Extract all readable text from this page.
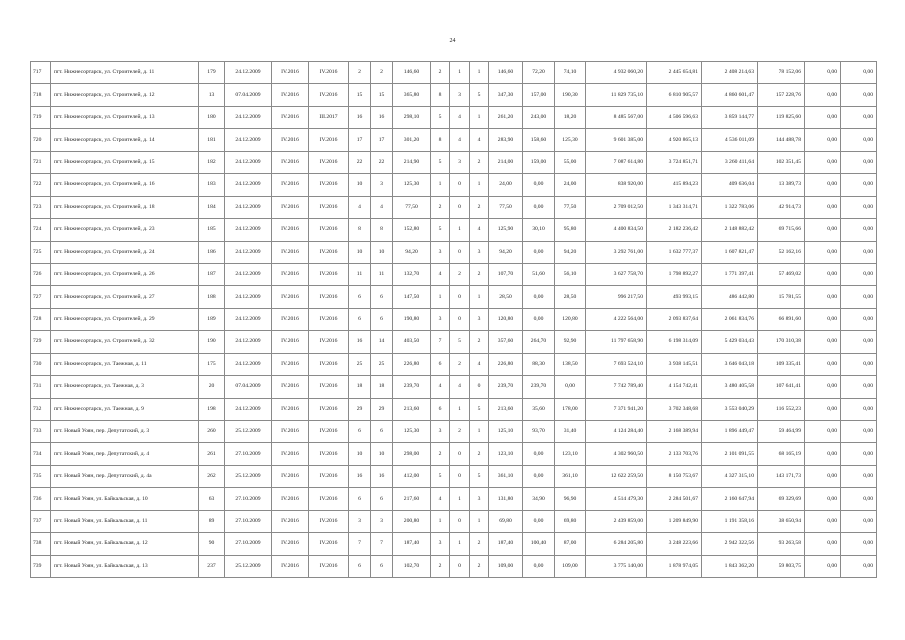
24
717	пгт. Нижнесортарск, ул. Строителей, д. 11	179	24.12.2009	IV.2016	IV.2016	2	2	146,60	2	1	1	146,60	72,20	74,10	4 932 060,20	2 445 654,81	2 408 214,63	78 152,06	0,00	0,00
718	пгт. Нижнесортарск, ул. Строителей, д. 12	13	07.04.2009	IV.2016	IV.2016	15	15	365,80	8	3	5	347,30	157,00	190,30	11 829 735,10	6 810 905,57	4 860 601,47	157 228,76	0,00	0,00
719	пгт. Нижнесортарск, ул. Строителей, д. 13	180	24.12.2009	IV.2016	III.2017	16	16	298,10	5	4	1	261,20	243,00	18,20	8 485 567,00	4 506 596,63	3 859 144,77	119 825,60	0,00	0,00
720	пгт. Нижнесортарск, ул. Строителей, д. 14	181	24.12.2009	IV.2016	IV.2016	17	17	301,20	8	4	4	283,90	158,60	125,30	9 601 385,00	4 920 865,13	4 536 011,09	144 488,78	0,00	0,00
721	пгт. Нижнесортарск, ул. Строителей, д. 15	182	24.12.2009	IV.2016	IV.2016	22	22	214,90	5	3	2	214,00	159,00	55,00	7 087 614,80	3 724 851,71	3 260 411,64	102 351,45	0,00	0,00
722	пгт. Нижнесортарск, ул. Строителей, д. 16	183	24.12.2009	IV.2016	IV.2016	10	3	125,30	1	0	1	24,00	0,00	24,00	838 920,00	415 894,23	409 636,04	13 389,73	0,00	0,00
723	пгт. Нижнесортарск, ул. Строителей, д. 18	184	24.12.2009	IV.2016	IV.2016	4	4	77,50	2	0	2	77,50	0,00	77,50	2 709 012,50	1 343 314,71	1 322 783,06	42 914,73	0,00	0,00
724	пгт. Нижнесортарск, ул. Строителей, д. 23	185	24.12.2009	IV.2016	IV.2016	8	8	152,80	5	1	4	125,90	30,10	95,80	4 400 834,50	2 182 236,42	2 148 882,42	69 715,66	0,00	0,00
725	пгт. Нижнесортарск, ул. Строителей, д. 24	186	24.12.2009	IV.2016	IV.2016	10	10	94,20	3	0	3	94,20	0,00	94,20	3 292 761,00	1 632 777,37	1 607 821,47	52 162,16	0,00	0,00
726	пгт. Нижнесортарск, ул. Строителей, д. 26	187	24.12.2009	IV.2016	IV.2016	11	11	132,70	4	2	2	107,70	51,60	56,10	3 627 758,70	1 798 892,27	1 771 397,41	57 469,02	0,00	0,00
727	пгт. Нижнесортарск, ул. Строителей, д. 27	188	24.12.2009	IV.2016	IV.2016	6	6	147,50	1	0	1	28,50	0,00	28,50	996 217,50	493 993,15	486 442,80	15 781,55	0,00	0,00
728	пгт. Нижнесортарск, ул. Строителей, д. 29	189	24.12.2009	IV.2016	IV.2016	6	6	190,80	3	0	3	120,80	0,00	120,80	4 222 564,00	2 093 837,64	2 061 834,76	66 891,60	0,00	0,00
729	пгт. Нижнесортарск, ул. Строителей, д. 32	190	24.12.2009	IV.2016	IV.2016	16	14	403,50	7	5	2	357,60	264,70	92,90	11 797 658,90	6 198 314,09	5 429 034,43	170 310,38	0,00	0,00
730	пгт. Нижнесортарск, ул. Таежная, д. 11	175	24.12.2009	IV.2016	IV.2016	25	25	226,80	6	2	4	226,80	88,30	138,50	7 693 524,10	3 938 145,51	3 646 043,18	109 335,41	0,00	0,00
731	пгт. Нижнесортарск, ул. Таежная, д. 3	20	07.04.2009	IV.2016	IV.2016	18	18	239,70	4	4	0	239,70	239,70	0,00	7 742 789,40	4 154 742,41	3 480 405,58	107 641,41	0,00	0,00
732	пгт. Нижнесортарск, ул. Таежная, д. 9	198	24.12.2009	IV.2016	IV.2016	29	29	213,60	6	1	5	213,60	35,60	178,00	7 371 941,20	3 702 348,68	3 553 040,29	116 552,23	0,00	0,00
733	пгт. Новый Уоян, пер. Депутатский, д. 3	260	25.12.2009	IV.2016	IV.2016	6	6	125,30	3	2	1	125,10	93,70	31,40	4 124 284,40	2 168 389,94	1 896 449,47	59 464,99	0,00	0,00
734	пгт. Новый Уоян, пер. Депутатский, д. 4	261	27.10.2009	IV.2016	IV.2016	10	10	298,00	2	0	2	123,10	0,00	123,10	4 302 960,50	2 133 703,76	2 101 091,55	68 165,19	0,00	0,00
735	пгт. Новый Уоян, пер. Депутатский, д. 4а	262	25.12.2009	IV.2016	IV.2016	16	16	412,00	5	0	5	361,10	0,00	361,10	12 622 259,50	8 150 753,67	4 327 315,10	143 171,73	0,00	0,00
736	пгт. Новый Уоян, ул. Байкальская, д. 10	63	27.10.2009	IV.2016	IV.2016	6	6	217,60	4	1	3	131,80	34,90	96,90	4 514 479,30	2 284 501,67	2 160 647,94	69 329,69	0,00	0,00
737	пгт. Новый Уоян, ул. Байкальская, д. 11	89	27.10.2009	IV.2016	IV.2016	3	3	200,80	1	0	1	69,80	0,00	69,80	2 439 859,00	1 209 849,90	1 191 358,16	38 650,94	0,00	0,00
738	пгт. Новый Уоян, ул. Байкальская, д. 12	90	27.10.2009	IV.2016	IV.2016	7	7	187,40	3	1	2	187,40	100,40	87,00	6 284 205,80	3 248 223,66	2 942 322,56	93 263,58	0,00	0,00
739	пгт. Новый Уоян, ул. Байкальская, д. 13	237	25.12.2009	IV.2016	IV.2016	6	6	102,70	2	0	2	109,00	0,00	109,00	3 775 140,00	1 878 974,05	1 843 362,20	59 803,75	0,00	0,00
